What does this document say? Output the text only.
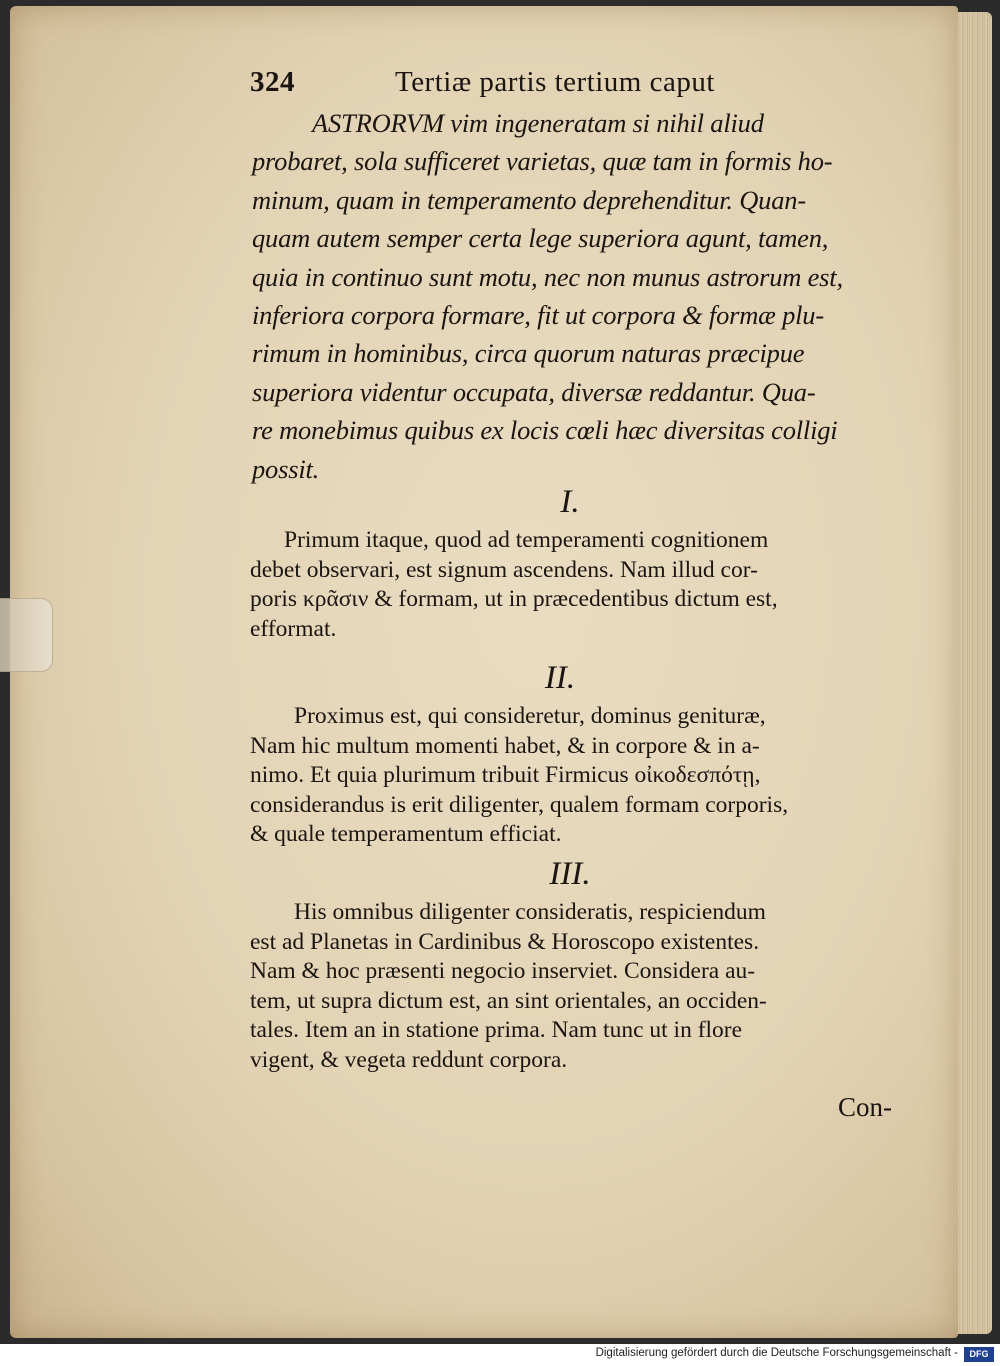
324	Tertiæ partis tertium caput
ASTRORVM vim ingeneratam si nihil aliud
probaret, sola sufficeret varietas, quæ tam in formis ho-
minum, quam in temperamento deprehenditur. Quan-
quam autem semper certa lege superiora agunt, tamen,
quia in continuo sunt motu, nec non munus astrorum est,
inferiora corpora formare, fit ut corpora & formæ plu-
rimum in hominibus, circa quorum naturas præcipue
superiora videntur occupata, diversæ reddantur. Qua-
re monebimus quibus ex locis cœli hæc diversitas colligi
possit.
I.
Primum itaque, quod ad temperamenti cognitionem
debet observari, est signum ascendens. Nam illud cor-
poris κρᾶσιν & formam, ut in præcedentibus dictum est,
efformat.
II.
Proximus est, qui consideretur, dominus genituræ,
Nam hic multum momenti habet, & in corpore & in a-
nimo. Et quia plurimum tribuit Firmicus οἰκοδεσπότῃ,
considerandus is erit diligenter, qualem formam corporis,
& quale temperamentum efficiat.
III.
His omnibus diligenter consideratis, respiciendum
est ad Planetas in Cardinibus & Horoscopo existentes.
Nam & hoc præsenti negocio inserviet. Considera au-
tem, ut supra dictum est, an sint orientales, an occiden-
tales. Item an in statione prima. Nam tunc ut in flore
vigent, & vegeta reddunt corpora.
Con-
Digitalisierung gefördert durch die Deutsche Forschungsgemeinschaft -	DFG
